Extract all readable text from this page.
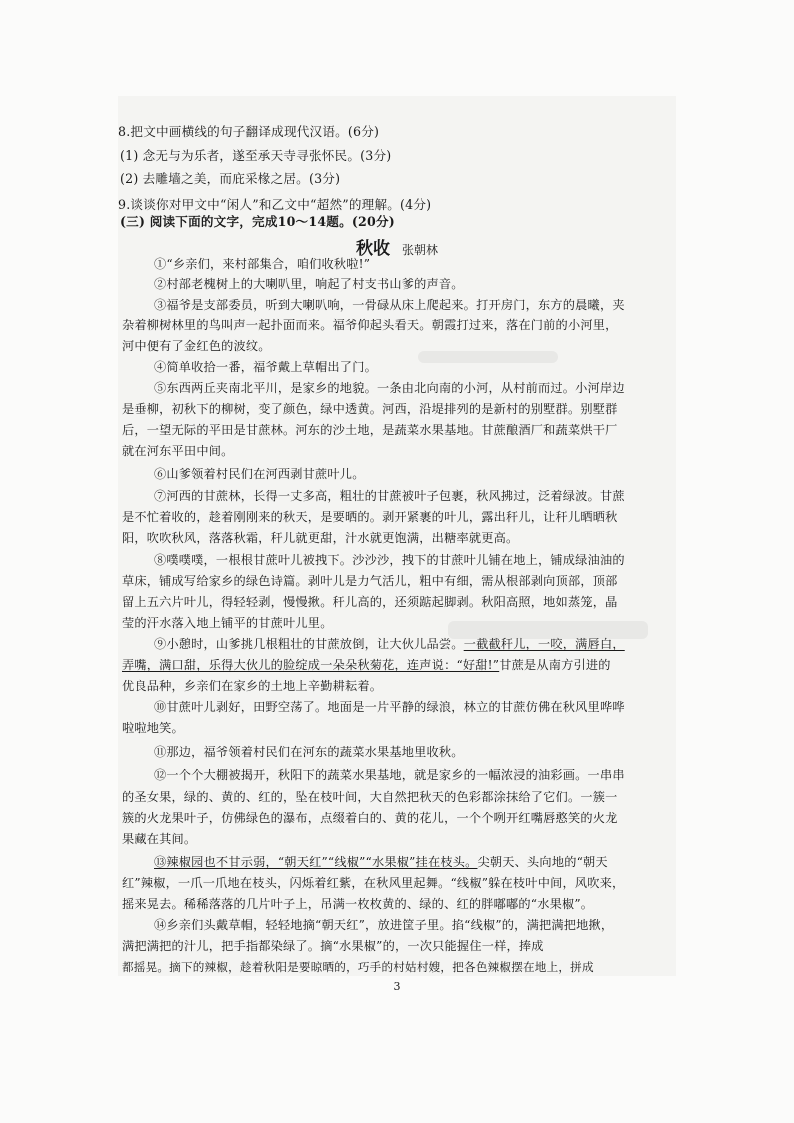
8.把文中画横线的句子翻译成现代汉语。(6分)
(1) 念无与为乐者，遂至承天寺寻张怀民。(3分)
(2) 去雕墙之美，而庇采椽之居。(3分)
9.谈谈你对甲文中“闲人”和乙文中“超然”的理解。(4分)
(三) 阅读下面的文字，完成10～14题。(20分)
秋收 张朝林
①“乡亲们，来村部集合，咱们收秋啦!”
②村部老槐树上的大喇叭里，响起了村支书山爹的声音。
③福爷是支部委员，听到大喇叭响，一骨碌从床上爬起来。打开房门，东方的晨曦，夹
杂着柳树林里的鸟叫声一起扑面而来。福爷仰起头看天。朝霞打过来，落在门前的小河里，
河中便有了金红色的波纹。
④简单收拾一番，福爷戴上草帽出了门。
⑤东西两丘夹南北平川，是家乡的地貌。一条由北向南的小河，从村前而过。小河岸边
是垂柳，初秋下的柳树，变了颜色，绿中透黄。河西，沿堤排列的是新村的别墅群。别墅群
后，一望无际的平田是甘蔗林。河东的沙土地，是蔬菜水果基地。甘蔗酿酒厂和蔬菜烘干厂
就在河东平田中间。
⑥山爹领着村民们在河西剥甘蔗叶儿。
⑦河西的甘蔗林，长得一丈多高，粗壮的甘蔗被叶子包裹，秋风拂过，泛着绿波。甘蔗
是不忙着收的，趁着刚刚来的秋天，是要晒的。剥开紧裹的叶儿，露出秆儿，让秆儿晒晒秋
阳，吹吹秋风，落落秋霜，秆儿就更甜，汁水就更饱满，出糖率就更高。
⑧噗噗噗，一根根甘蔗叶儿被拽下。沙沙沙，拽下的甘蔗叶儿铺在地上，铺成绿油油的
草床，铺成写给家乡的绿色诗篇。剥叶儿是力气活儿，粗中有细，需从根部剥向顶部，顶部
留上五六片叶儿，得轻轻剥，慢慢揪。秆儿高的，还须踮起脚剥。秋阳高照，地如蒸笼，晶
莹的汗水落入地上铺平的甘蔗叶儿里。
⑨小憩时，山爹挑几根粗壮的甘蔗放倒，让大伙儿品尝。一截截秆儿，一咬，满唇白，
弄嘴，满口甜，乐得大伙儿的脸绽成一朵朵秋菊花，连声说：“好甜!”甘蔗是从南方引进的
优良品种，乡亲们在家乡的土地上辛勤耕耘着。
⑩甘蔗叶儿剥好，田野空荡了。地面是一片平静的绿浪，林立的甘蔗仿佛在秋风里哗哗
啦啦地笑。
⑪那边，福爷领着村民们在河东的蔬菜水果基地里收秋。
⑫一个个大棚被揭开，秋阳下的蔬菜水果基地，就是家乡的一幅浓浸的油彩画。一串串
的圣女果，绿的、黄的、红的，坠在枝叶间，大自然把秋天的色彩都涂抹给了它们。一簇一
簇的火龙果叶子，仿佛绿色的瀑布，点缀着白的、黄的花儿，一个个咧开红嘴唇憨笑的火龙
果藏在其间。
⑬辣椒园也不甘示弱，“朝天红”“线椒”“水果椒”挂在枝头。尖朝天、头向地的“朝天
红”辣椒，一爪一爪地在枝头，闪烁着红紫，在秋风里起舞。“线椒”躲在枝叶中间，风吹来，
摇来晃去。稀稀落落的几片叶子上，吊满一枚枚黄的、绿的、红的胖嘟嘟的“水果椒”。
⑭乡亲们头戴草帽，轻轻地摘“朝天红”，放进筐子里。掐“线椒”的，满把满把地揪，
满把满把的汁儿，把手指都染绿了。摘“水果椒”的，一次只能握住一样，捧成
都摇晃。摘下的辣椒，趁着秋阳是要晾晒的，巧手的村姑村嫂，把各色辣椒摆在地上，拼成
3
